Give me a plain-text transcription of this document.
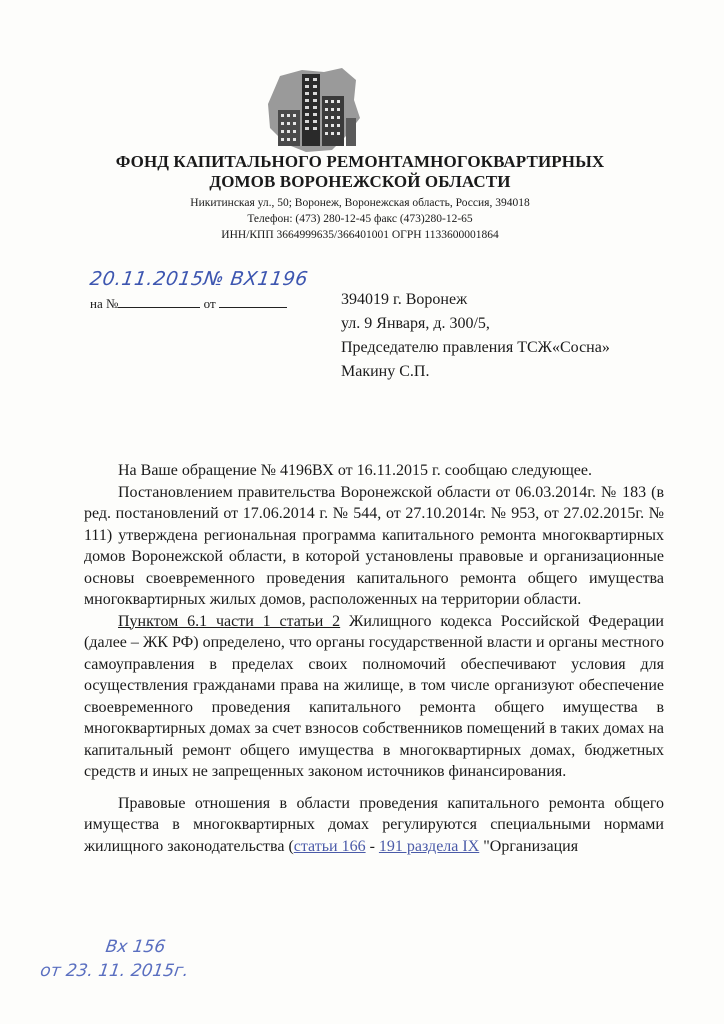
ФОНД КАПИТАЛЬНОГО РЕМОНТАМНОГОКВАРТИРНЫХ
ДОМОВ ВОРОНЕЖСКОЙ ОБЛАСТИ
Никитинская ул., 50; Воронеж, Воронежская область, Россия, 394018
Телефон: (473) 280-12-45 факс (473)280-12-65
ИНН/КПП 3664999635/366401001 ОГРН 1133600001864
20.11.2015№ ВХ1196
на №	от	394019 г. Воронеж
ул. 9 Января, д. 300/5,
Председателю правления ТСЖ«Сосна»
Макину С.П.

На Ваше обращение № 4196ВХ от 16.11.2015 г. сообщаю следующее.

Постановлением правительства Воронежской области от 06.03.2014г. № 183 (в ред. постановлений от 17.06.2014 г. № 544, от 27.10.2014г. № 953, от 27.02.2015г. № 111) утверждена региональная программа капитального ремонта многоквартирных домов Воронежской области, в которой установлены правовые и организационные основы своевременного проведения капитального ремонта общего имущества многоквартирных жилых домов, расположенных на территории области.

Пунктом 6.1 части 1 статьи 2 Жилищного кодекса Российской Федерации (далее – ЖК РФ) определено, что органы государственной власти и органы местного самоуправления в пределах своих полномочий обеспечивают условия для осуществления гражданами права на жилище, в том числе организуют обеспечение своевременного проведения капитального ремонта общего имущества в многоквартирных домах за счет взносов собственников помещений в таких домах на капитальный ремонт общего имущества в многоквартирных домах, бюджетных средств и иных не запрещенных законом источников финансирования.

Правовые отношения в области проведения капитального ремонта общего имущества в многоквартирных домах регулируются специальными нормами жилищного законодательства (статьи 166 - 191 раздела IX "Организация

Вх 156
от 23. 11. 2015г.
